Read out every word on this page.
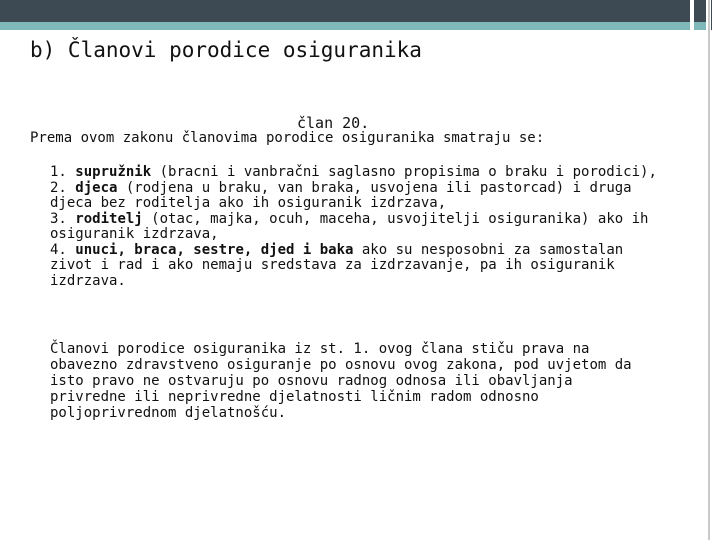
b) Članovi porodice osiguranika

član 20.

Prema ovom zakonu članovima porodice osiguranika smatraju se:

1. supružnik (bracni i vanbračni saglasno propisima o braku i porodici),
2. djeca (rodjena u braku, van braka, usvojena ili pastorcad) i druga djeca bez roditelja ako ih osiguranik izdrzava,
3. roditelj (otac, majka, ocuh, maceha, usvojitelji osiguranika) ako ih osiguranik izdrzava,
4. unuci, braca, sestre, djed i baka ako su nesposobni za samostalan zivot i rad i ako nemaju sredstava za izdrzavanje, pa ih osiguranik izdrzava.

Članovi porodice osiguranika iz st. 1. ovog člana stiču prava na obavezno zdravstveno osiguranje po osnovu ovog zakona, pod uvjetom da isto pravo ne ostvaruju po osnovu radnog odnosa ili obavljanja privredne ili neprivredne djelatnosti ličnim radom odnosno poljoprivrednom djelatnošću.
